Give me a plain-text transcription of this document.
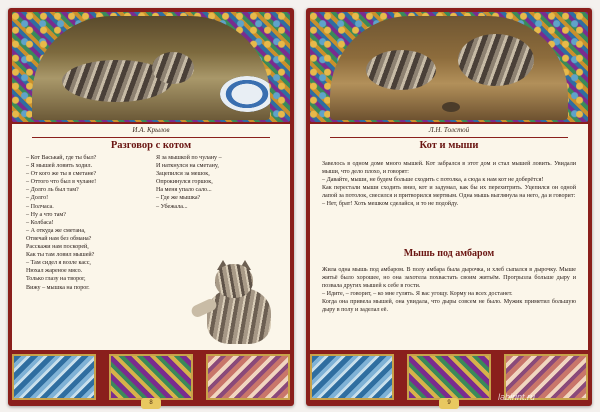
И.А. Крылов
Разговор с котом
– Кот Васькай, где ты был?
– Я мышей ловить ходил.
– От кого же ты в сметане?
– Оттого что был в чулане!
– Долго ль был там?
– Долго!
– Полчаса.
– Ну а что там?
– Колбаса!
– А откуда же сметана,
Отвечай нам без обмана?
Расскажи нам поскорей,
Как ты там ловил мышей?
– Там сидел я возле касс,
Нюхал жареное мясо.
Только глазу на творог,
Вижу – мышка на порог.
Я за мышкой по чулану –
И наткнулся на сметану,
Зацепился за мешок,
Опрокинулся горшок,
На меня упало сало...
– Где же мышка?
– Убежала...
8
Л.Н. Толстой
Кот и мыши

Завелось в одном доме много мышей. Кот забрался в этот дом и стал мышей ловить. Увидали мыши, что дело плохо, и говорят:

– Давайте, мыши, не будем больше сходить с потолка, а сюда к нам кот не доберётся!

Как перестали мыши сходить вниз, кот и задумал, как бы их перехитрить. Уцепился он одной лапой за потолок, свесился и притворился мертвым. Одна мышь выглянула на него, да и говорит:

– Нет, брат! Хоть мешком сделайся, и то не подойду.

Мышь под амбаром

Жила одна мышь под амбаром. В полу амбара была дырочка, и хлеб сыпался в дырочку. Мыше житьё было хорошее, но она захотела похвастать своим житьём. Прогрызла больше дыру и позвала других мышей к себе в гости.

– Идите, – говорит, – ко мне гулять. Я вас угощу. Корму на всех достанет.

Когда она привела мышей, она увидала, что дыры совсем не было. Мужик приметил большую дыру в полу и заделал её.

9
labirint.ru
